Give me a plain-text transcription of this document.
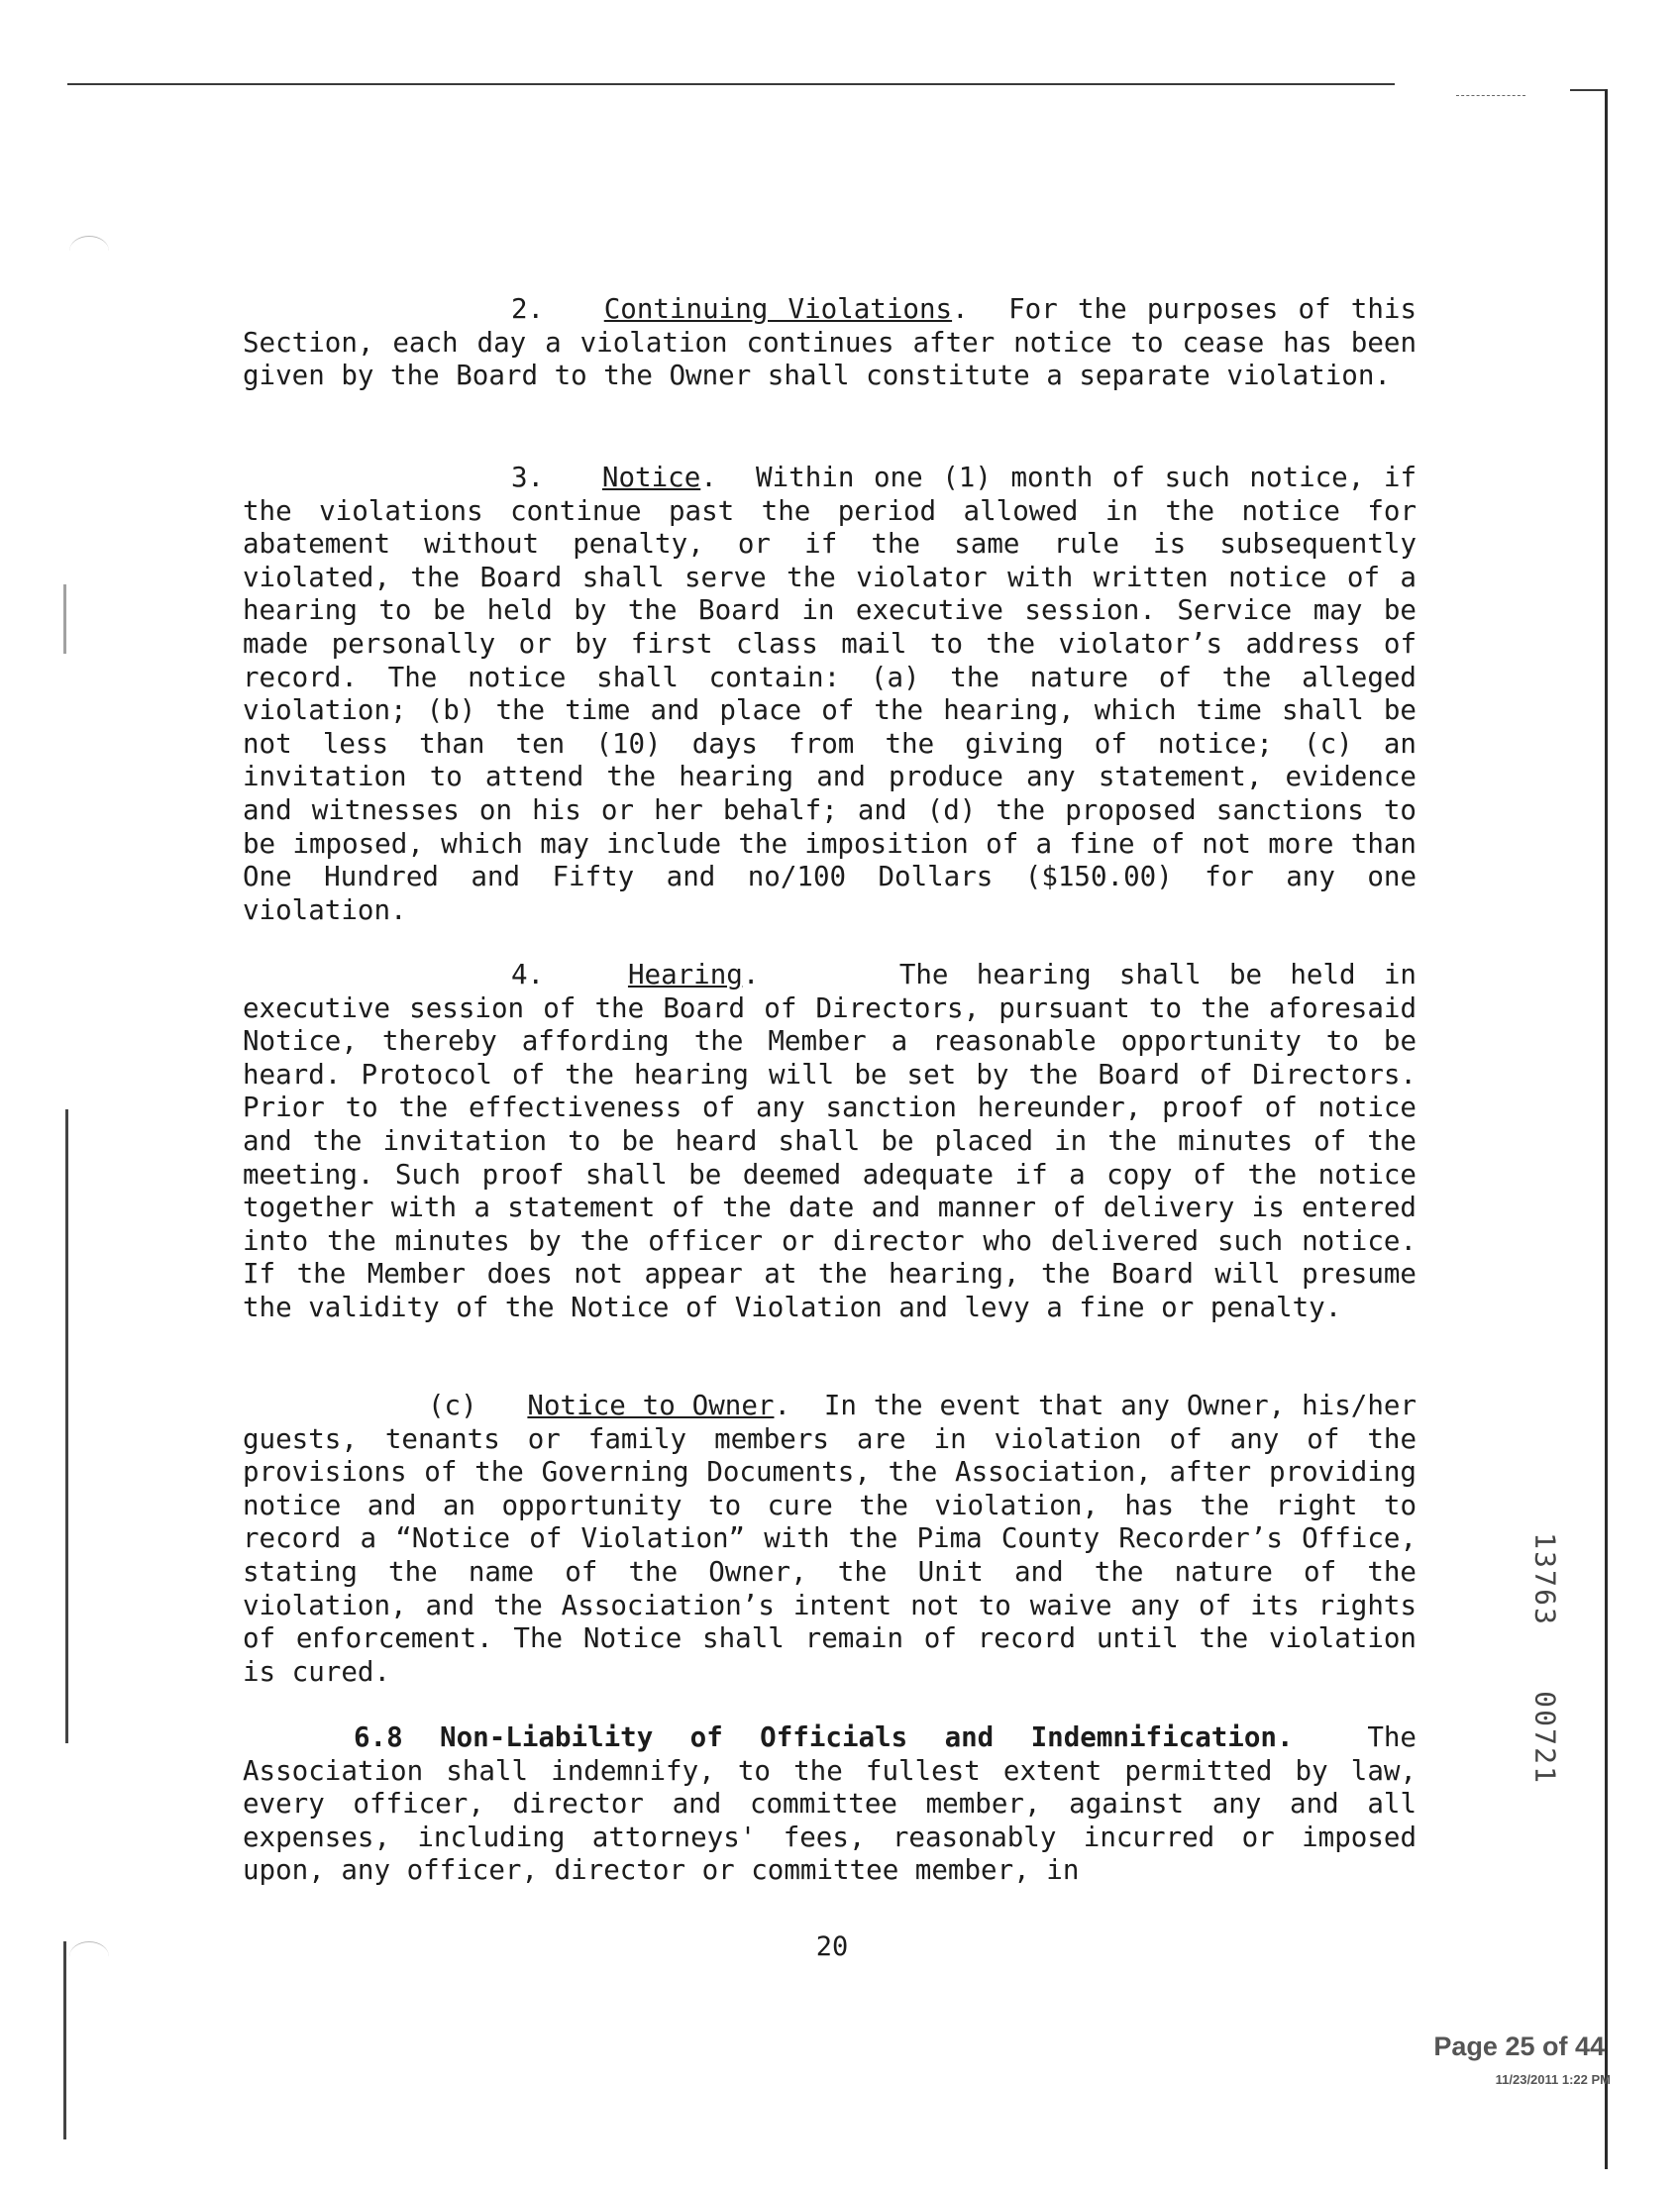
2. Continuing Violations. For the purposes of this Section, each day a violation continues after notice to cease has been given by the Board to the Owner shall constitute a separate violation.

3. Notice. Within one (1) month of such notice, if the violations continue past the period allowed in the notice for abatement without penalty, or if the same rule is subsequently violated, the Board shall serve the violator with written notice of a hearing to be held by the Board in executive session. Service may be made personally or by first class mail to the violator’s address of record. The notice shall contain: (a) the nature of the alleged violation; (b) the time and place of the hearing, which time shall be not less than ten (10) days from the giving of notice; (c) an invitation to attend the hearing and produce any statement, evidence and witnesses on his or her behalf; and (d) the proposed sanctions to be imposed, which may include the imposition of a fine of not more than One Hundred and Fifty and no/100 Dollars ($150.00) for any one violation.

4.	Hearing.	The hearing shall be held in executive session of the Board of Directors, pursuant to the aforesaid Notice, thereby affording the Member a reasonable opportunity to be heard. Protocol of the hearing will be set by the Board of Directors. Prior to the effectiveness of any sanction hereunder, proof of notice and the invitation to be heard shall be placed in the minutes of the meeting. Such proof shall be deemed adequate if a copy of the notice together with a statement of the date and manner of delivery is entered into the minutes by the officer or director who delivered such notice. If the Member does not appear at the hearing, the Board will presume the validity of the Notice of Violation and levy a fine or penalty.

(c) Notice to Owner. In the event that any Owner, his/her guests, tenants or family members are in violation of any of the provisions of the Governing Documents, the Association, after providing notice and an opportunity to cure the violation, has the right to record a “Notice of Violation” with the Pima County Recorder’s Office, stating the name of the Owner, the Unit and the nature of the violation, and the Association’s intent not to waive any of its rights of enforcement. The Notice shall remain of record until the violation is cured.

6.8 Non-Liability of Officials and Indemnification.	The Association shall indemnify, to the fullest extent permitted by law, every officer, director and committee member, against any and all expenses, including attorneys' fees, reasonably incurred or imposed upon, any officer, director or committee member, in

20
1
3
7
6
3
0
0
7
2
1
Page 25 of 44
11/23/2011 1:22 PM
